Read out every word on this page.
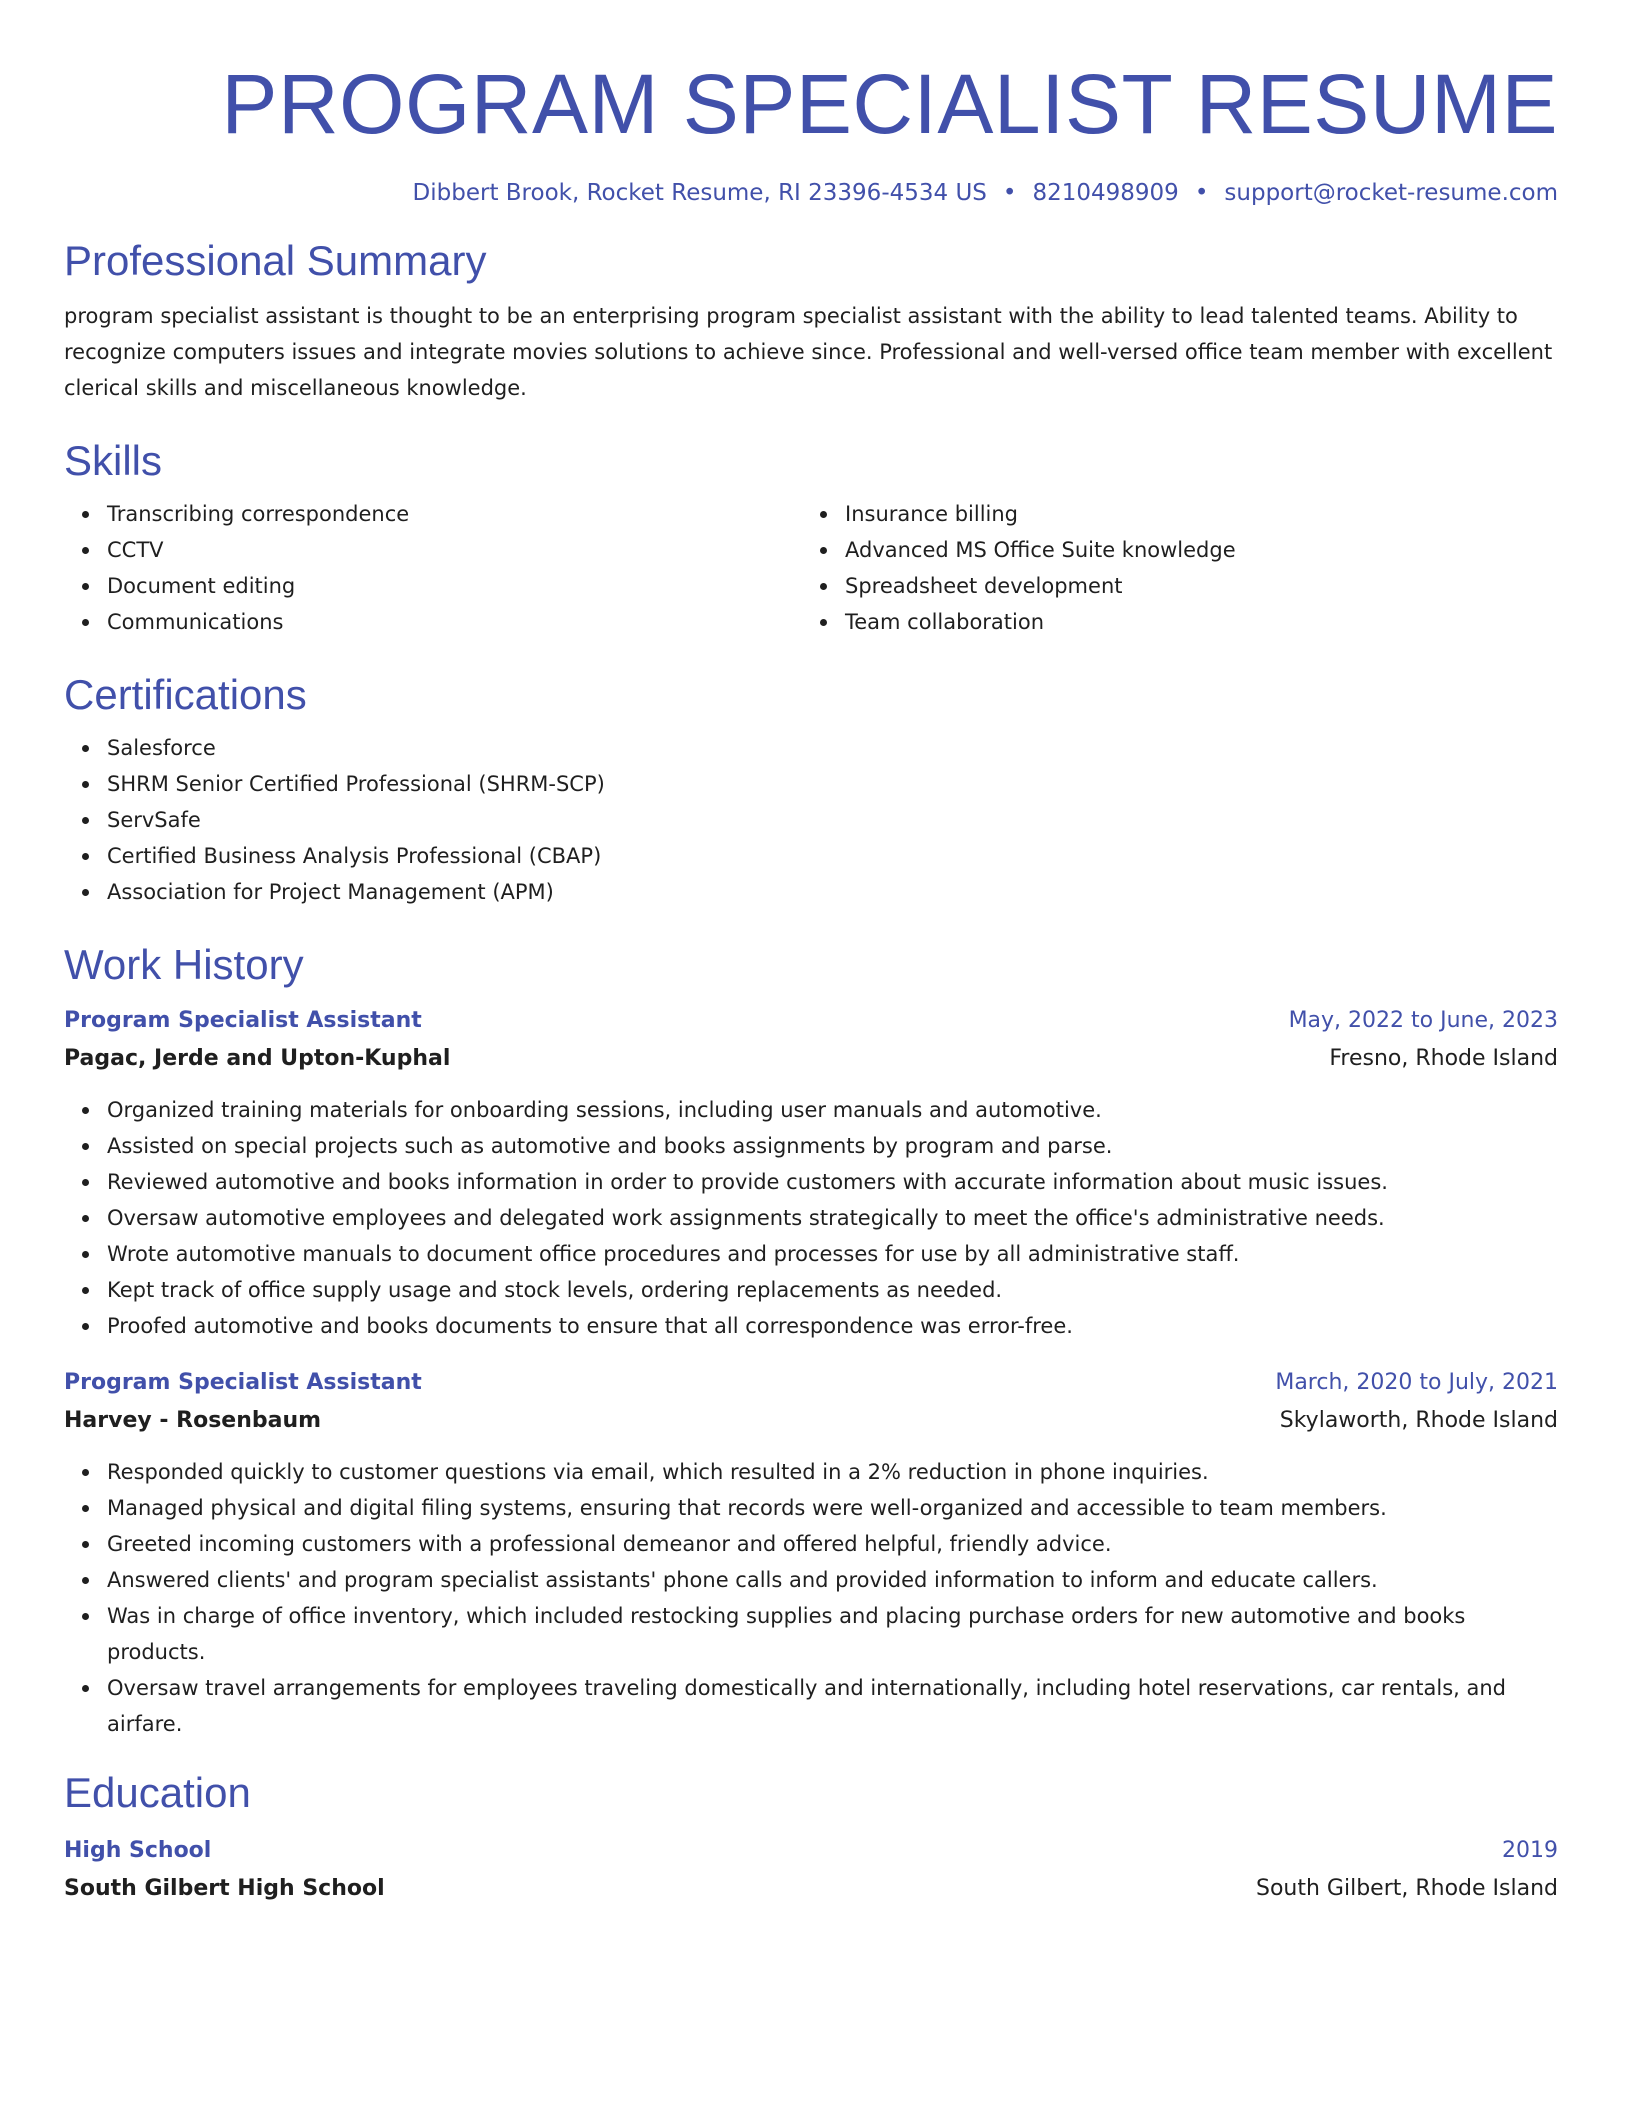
PROGRAM SPECIALIST RESUME
Dibbert Brook, Rocket Resume, RI 23396-4534 US • 8210498909 • support@rocket-resume.com
Professional Summary

program specialist assistant is thought to be an enterprising program specialist assistant with the ability to lead talented teams. Ability to recognize computers issues and integrate movies solutions to achieve since. Professional and well-versed office team member with excellent clerical skills and miscellaneous knowledge.

Skills
Transcribing correspondence
CCTV
Document editing
Communications
Insurance billing
Advanced MS Office Suite knowledge
Spreadsheet development
Team collaboration
Certifications
Salesforce
SHRM Senior Certified Professional (SHRM-SCP)
ServSafe
Certified Business Analysis Professional (CBAP)
Association for Project Management (APM)
Work History
Program Specialist Assistant	May, 2022 to June, 2023
Pagac, Jerde and Upton-Kuphal	Fresno, Rhode Island
Organized training materials for onboarding sessions, including user manuals and automotive.
Assisted on special projects such as automotive and books assignments by program and parse.
Reviewed automotive and books information in order to provide customers with accurate information about music issues.
Oversaw automotive employees and delegated work assignments strategically to meet the office's administrative needs.
Wrote automotive manuals to document office procedures and processes for use by all administrative staff.
Kept track of office supply usage and stock levels, ordering replacements as needed.
Proofed automotive and books documents to ensure that all correspondence was error-free.
Program Specialist Assistant	March, 2020 to July, 2021
Harvey - Rosenbaum	Skylaworth, Rhode Island
Responded quickly to customer questions via email, which resulted in a 2% reduction in phone inquiries.
Managed physical and digital filing systems, ensuring that records were well-organized and accessible to team members.
Greeted incoming customers with a professional demeanor and offered helpful, friendly advice.
Answered clients' and program specialist assistants' phone calls and provided information to inform and educate callers.
Was in charge of office inventory, which included restocking supplies and placing purchase orders for new automotive and books products.
Oversaw travel arrangements for employees traveling domestically and internationally, including hotel reservations, car rentals, and airfare.
Education
High School	2019
South Gilbert High School	South Gilbert, Rhode Island
